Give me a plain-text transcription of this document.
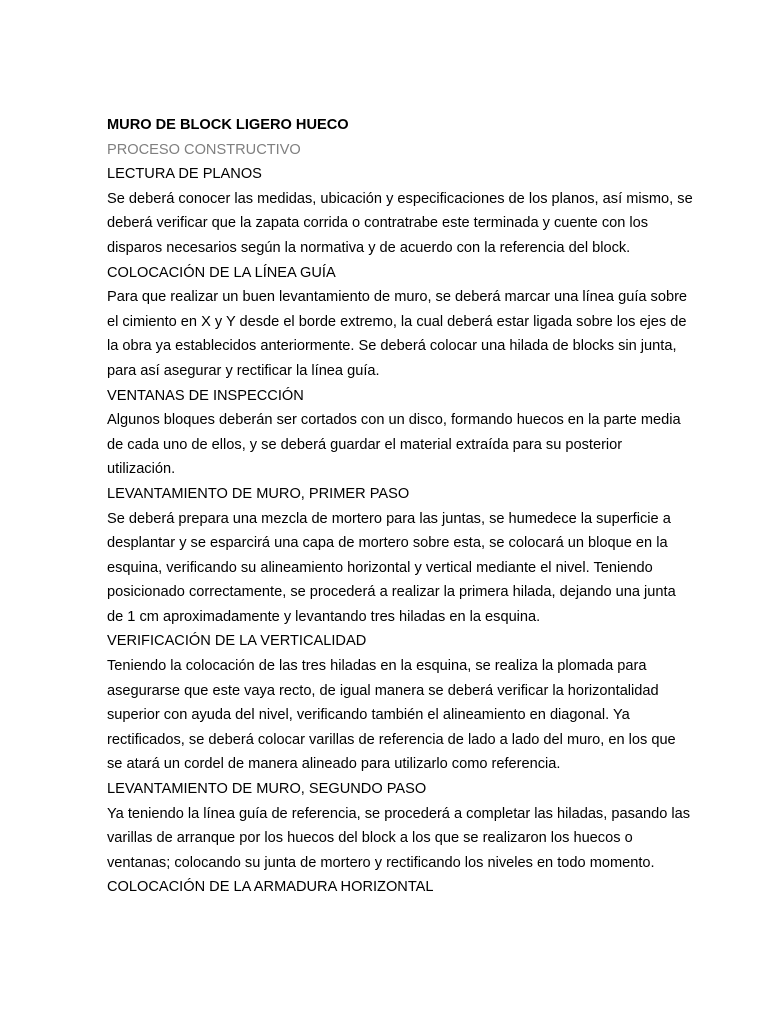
MURO DE BLOCK LIGERO HUECO

PROCESO CONSTRUCTIVO

LECTURA DE PLANOS

Se deberá conocer las medidas, ubicación y especificaciones de los planos, así mismo, se
deberá verificar que la zapata corrida o contratrabe este terminada y cuente con los
disparos necesarios según la normativa y de acuerdo con la referencia del block.

COLOCACIÓN DE LA LÍNEA GUÍA

Para que realizar un buen levantamiento de muro, se deberá marcar una línea guía sobre
el cimiento en X y Y desde el borde extremo, la cual deberá estar ligada sobre los ejes de
la obra ya establecidos anteriormente. Se deberá colocar una hilada de blocks sin junta,
para así asegurar y rectificar la línea guía.

VENTANAS DE INSPECCIÓN

Algunos bloques deberán ser cortados con un disco, formando huecos en la parte media
de cada uno de ellos, y se deberá guardar el material extraída para su posterior
utilización.

LEVANTAMIENTO DE MURO, PRIMER PASO

Se deberá prepara una mezcla de mortero para las juntas, se humedece la superficie a
desplantar y se esparcirá una capa de mortero sobre esta, se colocará un bloque en la
esquina, verificando su alineamiento horizontal y vertical mediante el nivel. Teniendo
posicionado correctamente, se procederá a realizar la primera hilada, dejando una junta
de 1 cm aproximadamente y levantando tres hiladas en la esquina.

VERIFICACIÓN DE LA VERTICALIDAD

Teniendo la colocación de las tres hiladas en la esquina, se realiza la plomada para
asegurarse que este vaya recto, de igual manera se deberá verificar la horizontalidad
superior con ayuda del nivel, verificando también el alineamiento en diagonal. Ya
rectificados, se deberá colocar varillas de referencia de lado a lado del muro, en los que
se atará un cordel de manera alineado para utilizarlo como referencia.

LEVANTAMIENTO DE MURO, SEGUNDO PASO

Ya teniendo la línea guía de referencia, se procederá a completar las hiladas, pasando las
varillas de arranque por los huecos del block a los que se realizaron los huecos o
ventanas; colocando su junta de mortero y rectificando los niveles en todo momento.

COLOCACIÓN DE LA ARMADURA HORIZONTAL
